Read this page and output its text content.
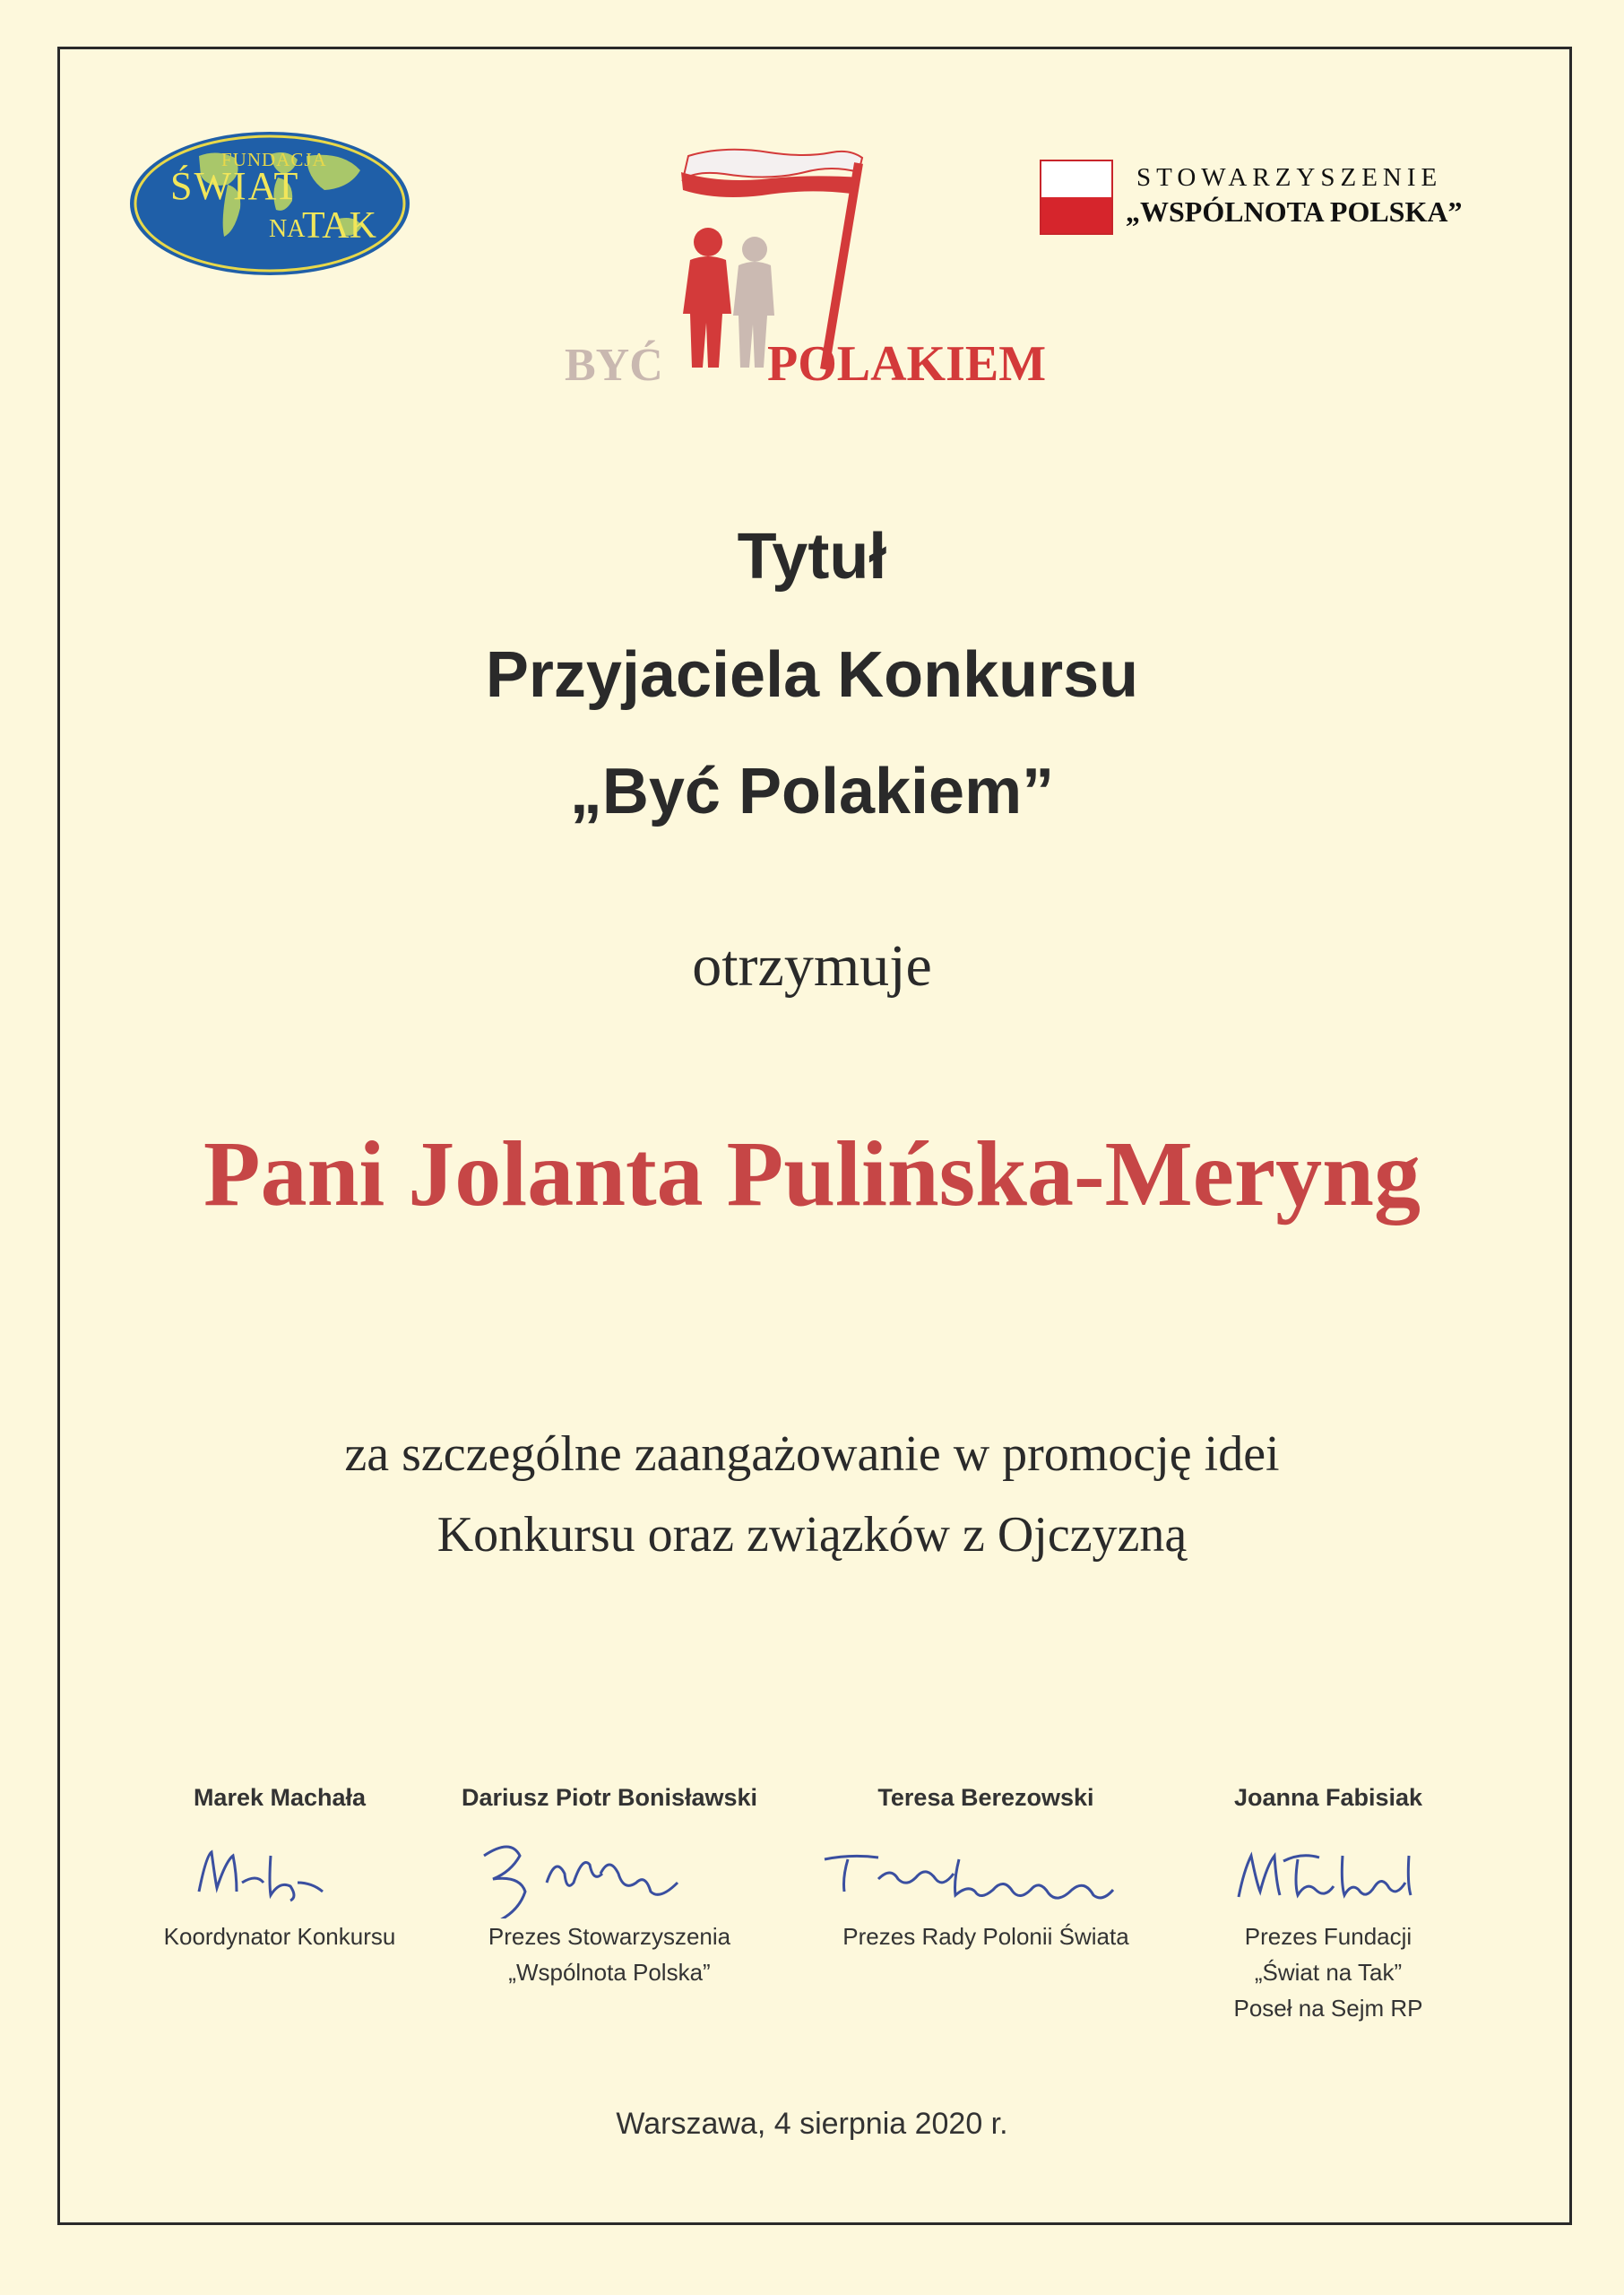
FUNDACJA
ŚWIAT
NA
TAK
BYĆ POLAKIEM
STOWARZYSZENIE
„WSPÓLNOTA POLSKA”
Tytuł
Przyjaciela Konkursu
„Być Polakiem”
otrzymuje
Pani Jolanta Pulińska-Meryng
za szczególne zaangażowanie w promocję idei
Konkursu oraz związków z Ojczyzną
Marek Machała
Koordynator Konkursu
Dariusz Piotr Bonisławski
Prezes Stowarzyszenia
„Wspólnota Polska”
Teresa Berezowski
Prezes Rady Polonii Świata
Joanna Fabisiak
Prezes Fundacji
„Świat na Tak”
Poseł na Sejm RP
Warszawa, 4 sierpnia 2020 r.
